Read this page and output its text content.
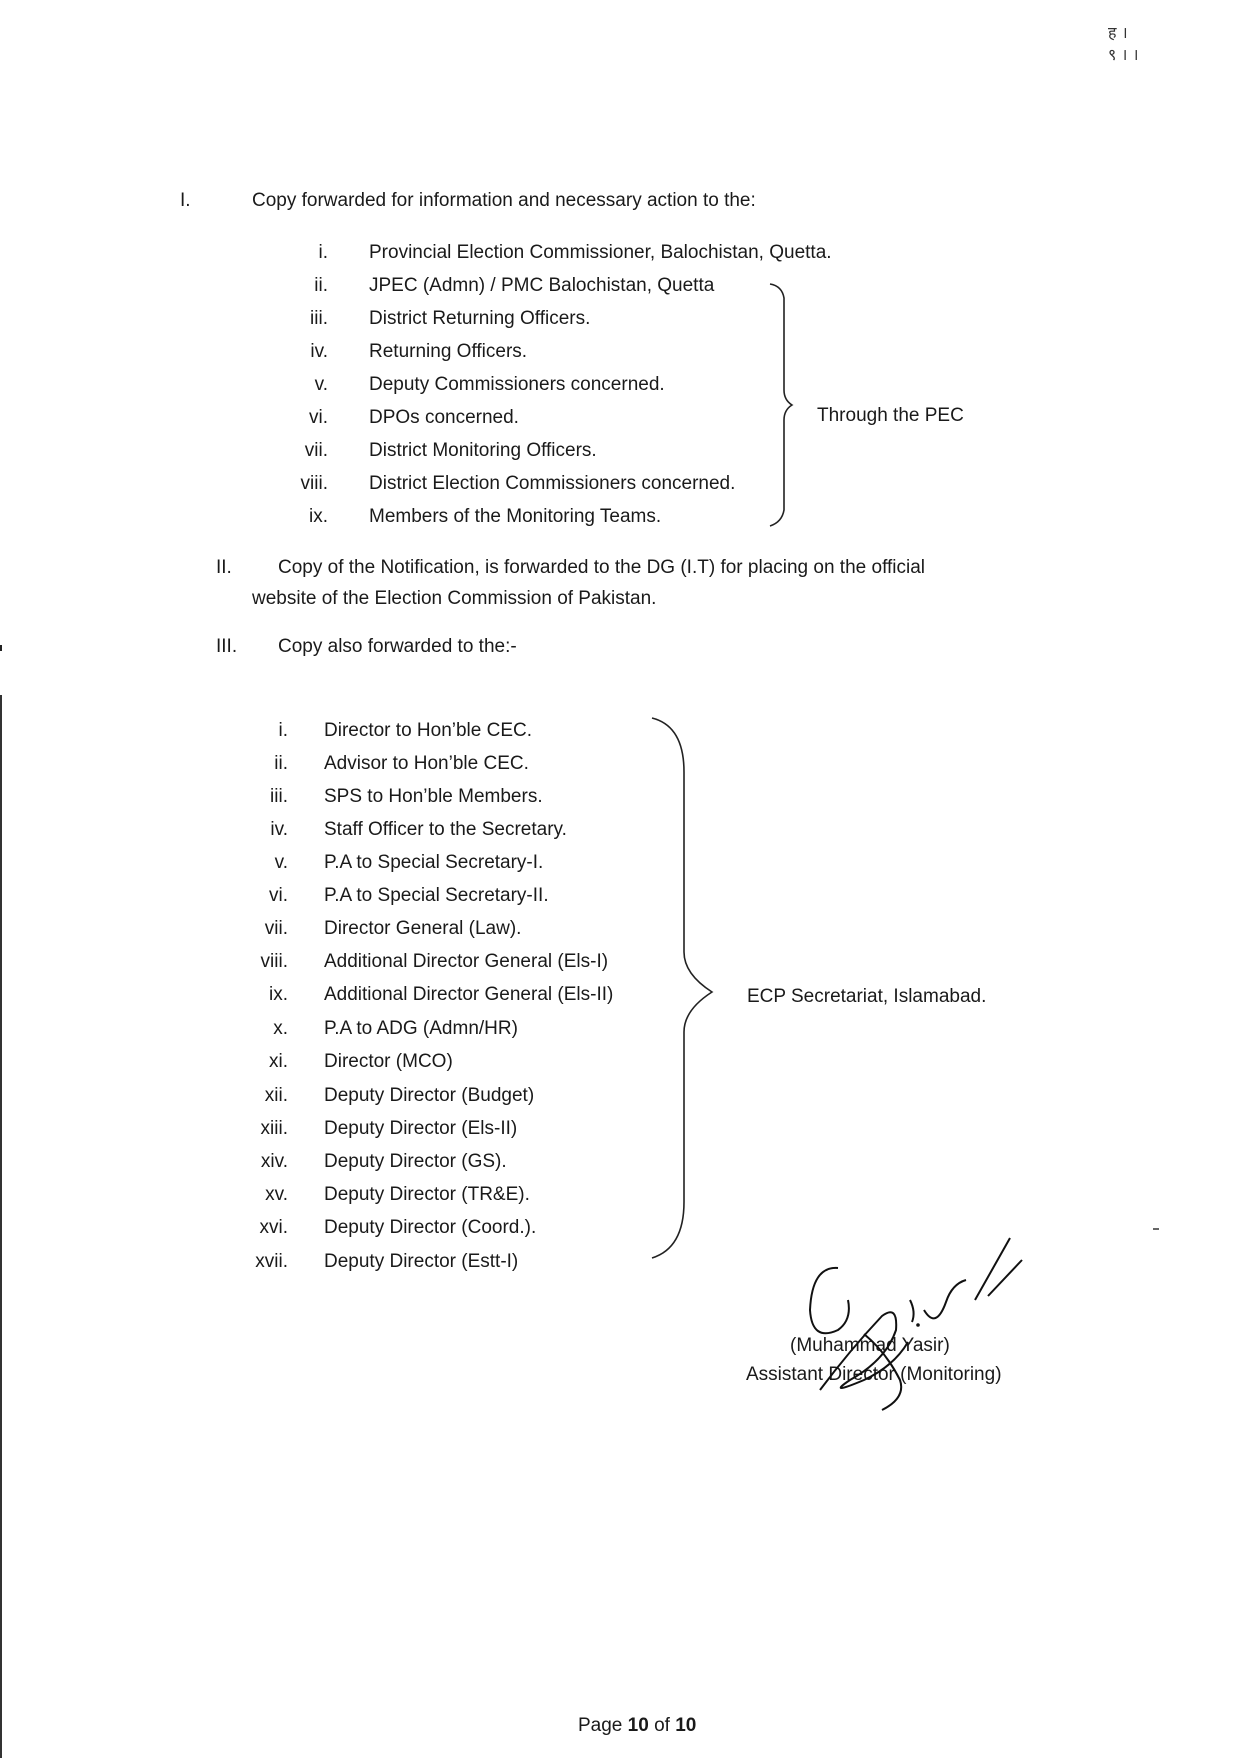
ह ।
९ । ।
I.	Copy forwarded for information and necessary action to the:
i. Provincial Election Commissioner, Balochistan, Quetta.
ii. JPEC (Admn) / PMC Balochistan, Quetta
iii. District Returning Officers.
iv. Returning Officers.
v. Deputy Commissioners concerned.
vi. DPOs concerned.
vii. District Monitoring Officers.
viii. District Election Commissioners concerned.
ix. Members of the Monitoring Teams.
Through the PEC
II. Copy of the Notification, is forwarded to the DG (I.T) for placing on the official
website of the Election Commission of Pakistan.
III. Copy also forwarded to the:-
i. Director to Hon’ble CEC.
ii. Advisor to Hon’ble CEC.
iii. SPS to Hon’ble Members.
iv. Staff Officer to the Secretary.
v. P.A to Special Secretary-I.
vi. P.A to Special Secretary-II.
vii. Director General (Law).
viii. Additional Director General (Els-I)
ix. Additional Director General (Els-II)
x. P.A to ADG (Admn/HR)
xi. Director (MCO)
xii. Deputy Director (Budget)
xiii. Deputy Director (Els-II)
xiv. Deputy Director (GS).
xv. Deputy Director (TR&E).
xvi. Deputy Director (Coord.).
xvii. Deputy Director (Estt-I)
ECP Secretariat, Islamabad.
(Muhammad Yasir)
Assistant Director (Monitoring)
Page 10 of 10
